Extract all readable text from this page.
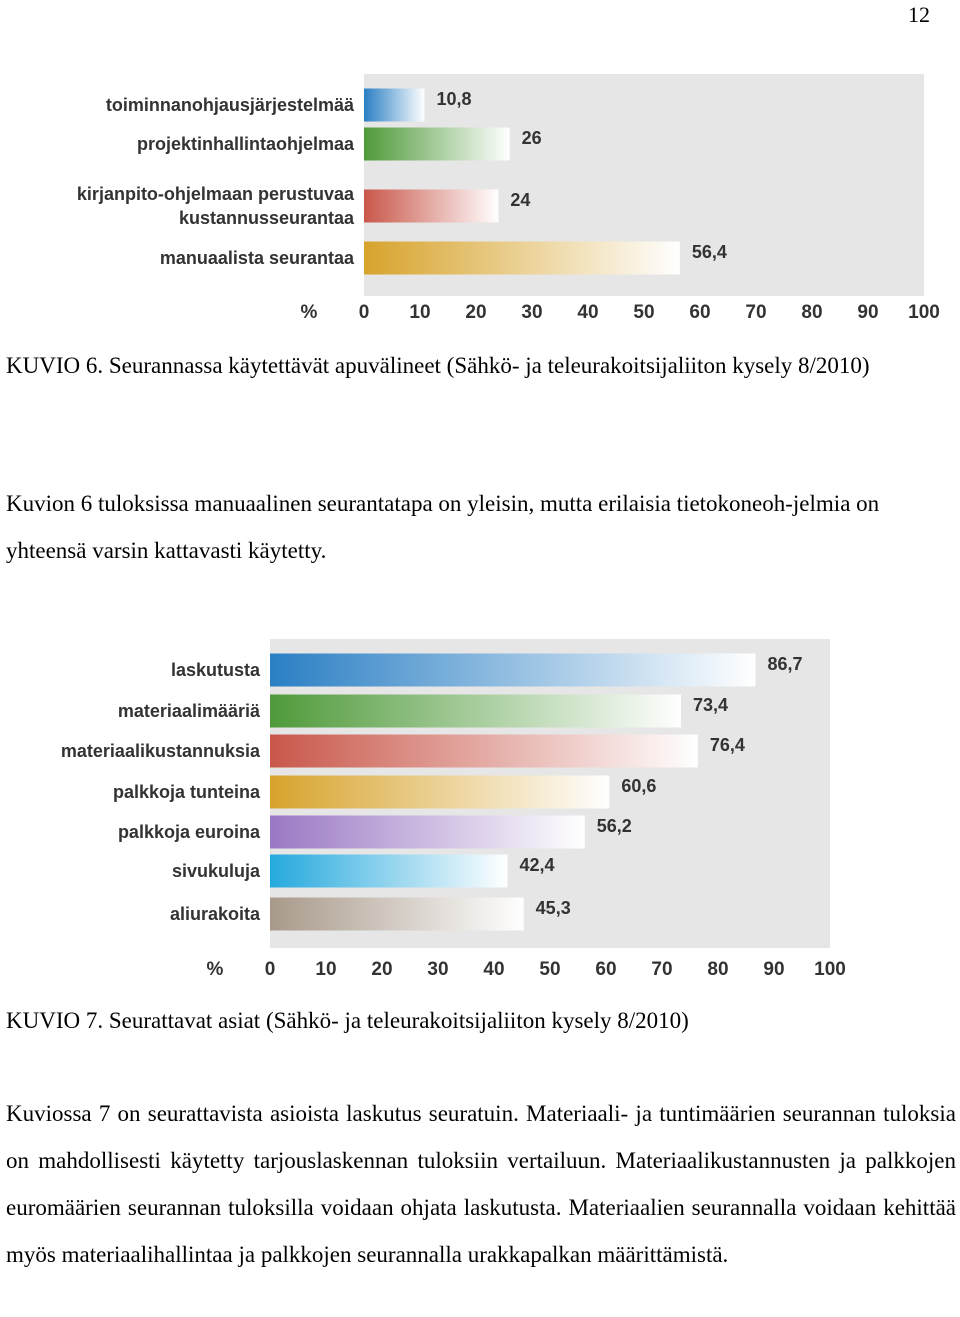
12
toiminnanohjausjärjestelmää	10,8
projektinhallintaohjelmaa	26
kirjanpito-ohjelmaan perustuvaa
kustannusseurantaa
24
manuaalista seurantaa	56,4
0 10 20 30 40 50 60 70 80 90 100
%

KUVIO 6. Seurannassa käytettävät apuvälineet (Sähkö- ja teleurakoitsijaliiton kysely 8/2010)

Kuvion 6 tuloksissa manuaalinen seurantatapa on yleisin, mutta erilaisia tietokoneoh-jelmia on yhteensä varsin kattavasti käytetty.

laskutusta	86,7
materiaalimääriä	73,4
materiaalikustannuksia	76,4
palkkoja tunteina	60,6
palkkoja euroina	56,2
sivukuluja	42,4
aliurakoita	45,3
0 10 20 30 40 50 60 70 80 90 100
%

KUVIO 7. Seurattavat asiat (Sähkö- ja teleurakoitsijaliiton kysely 8/2010)

Kuviossa 7 on seurattavista asioista laskutus seuratuin. Materiaali- ja tuntimäärien seurannan tuloksia on mahdollisesti käytetty tarjouslaskennan tuloksiin vertailuun. Materiaalikustannusten ja palkkojen euromäärien seurannan tuloksilla voidaan ohjata laskutusta. Materiaalien seurannalla voidaan kehittää myös materiaalihallintaa ja palkkojen seurannalla urakkapalkan määrittämistä.
